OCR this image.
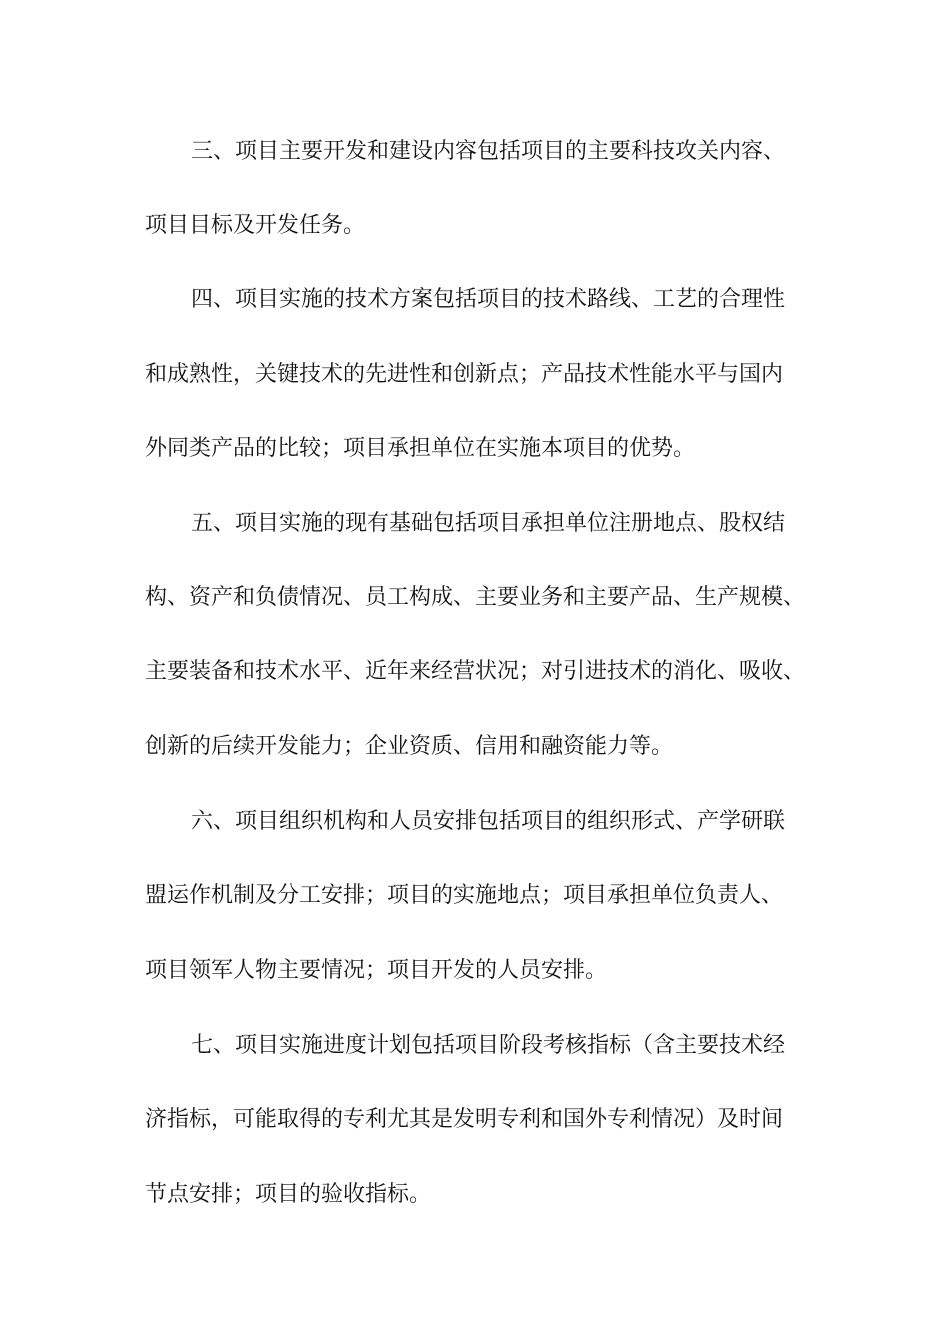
三、项目主要开发和建设内容包括项目的主要科技攻关内容、
项目目标及开发任务。
四、项目实施的技术方案包括项目的技术路线、工艺的合理性
和成熟性，关键技术的先进性和创新点；产品技术性能水平与国内
外同类产品的比较；项目承担单位在实施本项目的优势。
五、项目实施的现有基础包括项目承担单位注册地点、股权结
构、资产和负债情况、员工构成、主要业务和主要产品、生产规模、
主要装备和技术水平、近年来经营状况；对引进技术的消化、吸收、
创新的后续开发能力；企业资质、信用和融资能力等。
六、项目组织机构和人员安排包括项目的组织形式、产学研联
盟运作机制及分工安排；项目的实施地点；项目承担单位负责人、
项目领军人物主要情况；项目开发的人员安排。
七、项目实施进度计划包括项目阶段考核指标（含主要技术经
济指标，可能取得的专利尤其是发明专利和国外专利情况）及时间
节点安排；项目的验收指标。
